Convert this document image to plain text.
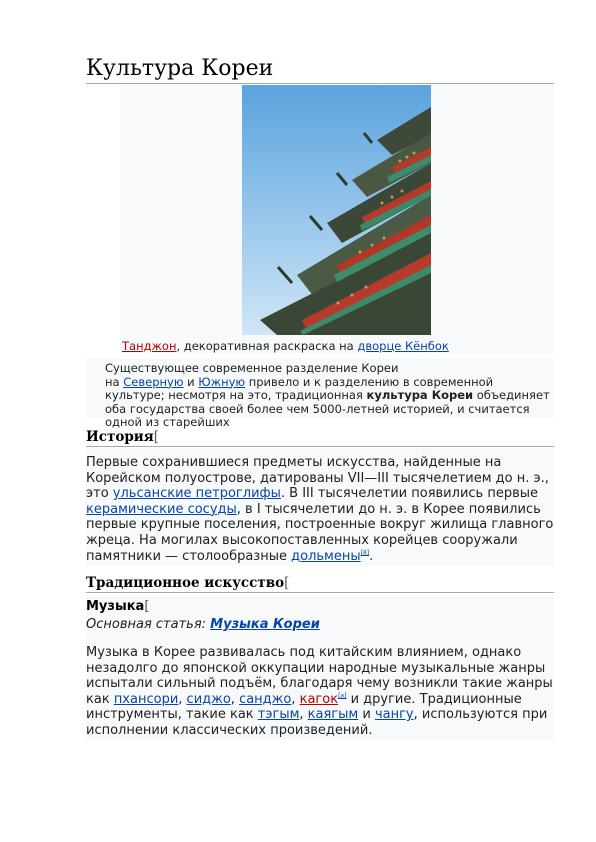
Культура Кореи
Танджон, декоративная раскраска на дворце Кёнбок
Существующее современное разделение Кореи
на Северную и Южную привело и к разделению в современной культуре; несмотря на это, традиционная культура Кореи объединяет оба государства своей более чем 5000-летней историей, и считается одной из старейших
История[
Первые сохранившиеся предметы искусства, найденные на Корейском полуострове, датированы VII—III тысячелетием до н. э., это ульсанские петроглифы. В III тысячелетии появились первые керамические сосуды, в I тысячелетии до н. э. в Корее появились первые крупные поселения, построенные вокруг жилища главного жреца. На могилах высокопоставленных корейцев сооружали памятники — столообразные дольмены[8].
Традиционное искусство[
Музыка[
Основная статья: Музыка Кореи
Музыка в Корее развивалась под китайским влиянием, однако незадолго до японской оккупации народные музыкальные жанры испытали сильный подъём, благодаря чему возникли такие жанры как пхансори, сиджо, санджо, кагок[a] и другие. Традиционные инструменты, такие как тэгым, каягым и чангу, используются при исполнении классических произведений.
